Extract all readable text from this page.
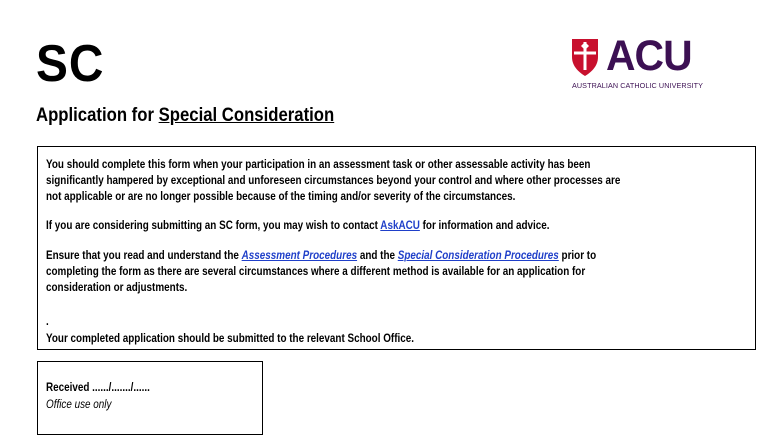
SC
Application for Special Consideration
ACU
AUSTRALIAN CATHOLIC UNIVERSITY
You should complete this form when your participation in an assessment task or other assessable activity has been
significantly hampered by exceptional and unforeseen circumstances beyond your control and where other processes are
not applicable or are no longer possible because of the timing and/or severity of the circumstances.
If you are considering submitting an SC form, you may wish to contact AskACU for information and advice.
Ensure that you read and understand the Assessment Procedures and the Special Consideration Procedures prior to
completing the form as there are several circumstances where a different method is available for an application for
consideration or adjustments.
.
Your completed application should be submitted to the relevant School Office.
Received ....../......./......
Office use only
